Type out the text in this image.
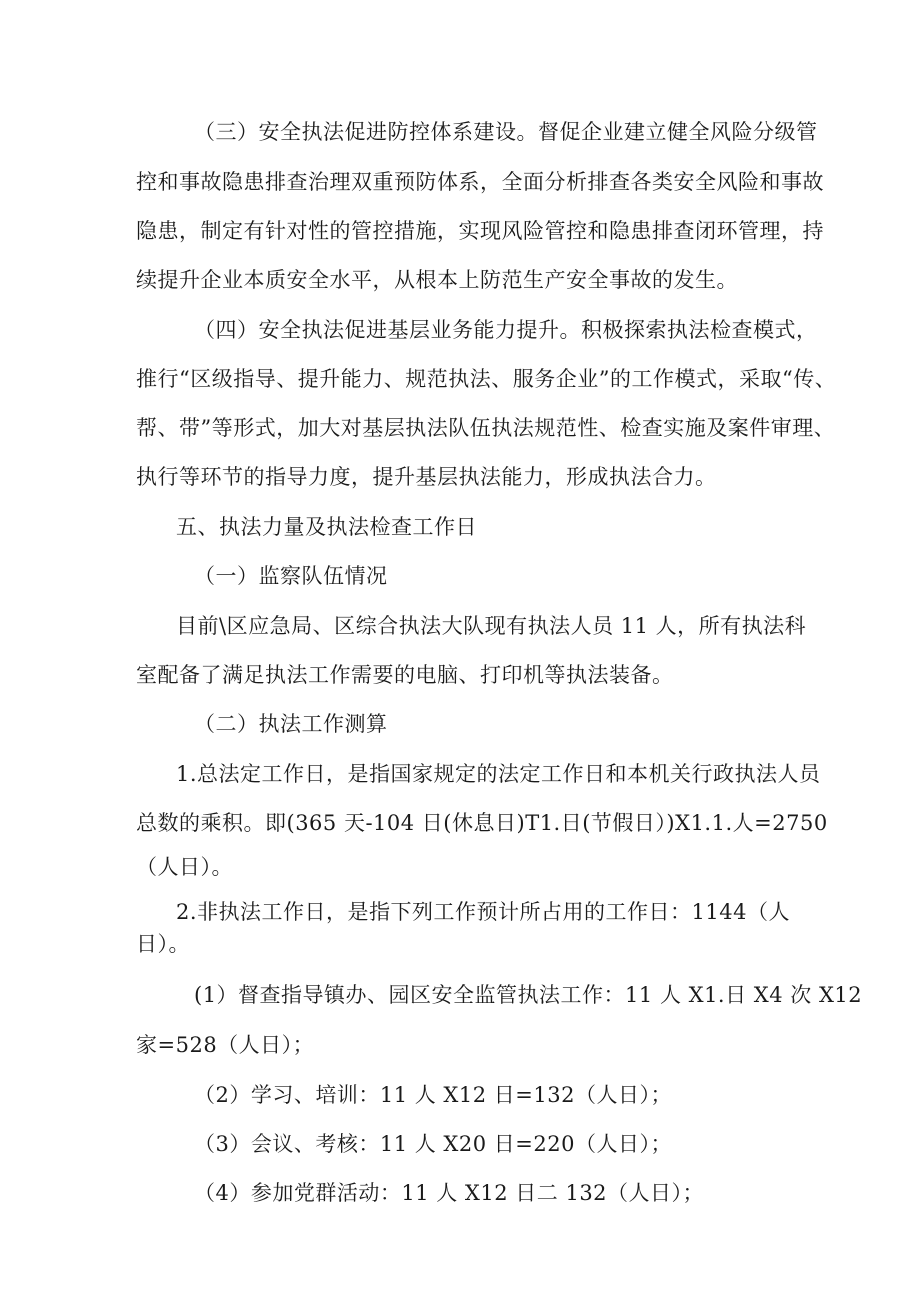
（三）安全执法促进防控体系建设。督促企业建立健全风险分级管
控和事故隐患排查治理双重预防体系，全面分析排查各类安全风险和事故
隐患，制定有针对性的管控措施，实现风险管控和隐患排查闭环管理，持
续提升企业本质安全水平，从根本上防范生产安全事故的发生。
（四）安全执法促进基层业务能力提升。积极探索执法检查模式，
推行“区级指导、提升能力、规范执法、服务企业”的工作模式，采取“传、
帮、带”等形式，加大对基层执法队伍执法规范性、检查实施及案件审理、
执行等环节的指导力度，提升基层执法能力，形成执法合力。
五、执法力量及执法检查工作日
（一）监察队伍情况
目前\区应急局、区综合执法大队现有执法人员 11 人，所有执法科
室配备了满足执法工作需要的电脑、打印机等执法装备。
（二）执法工作测算
1.总法定工作日，是指国家规定的法定工作日和本机关行政执法人员
总数的乘积。即(365 天-104 日(休息日)T1.日(节假日）)X1.1.人=2750
（人日）。
2.非执法工作日，是指下列工作预计所占用的工作日：1144（人
日）。
(1）督查指导镇办、园区安全监管执法工作：11 人 X1.日 X4 次 X12
家=528（人日）；
（2）学习、培训：11 人 X12 日=132（人日）；
（3）会议、考核：11 人 X20 日=220（人日）；
（4）参加党群活动：11 人 X12 日二 132（人日）；
